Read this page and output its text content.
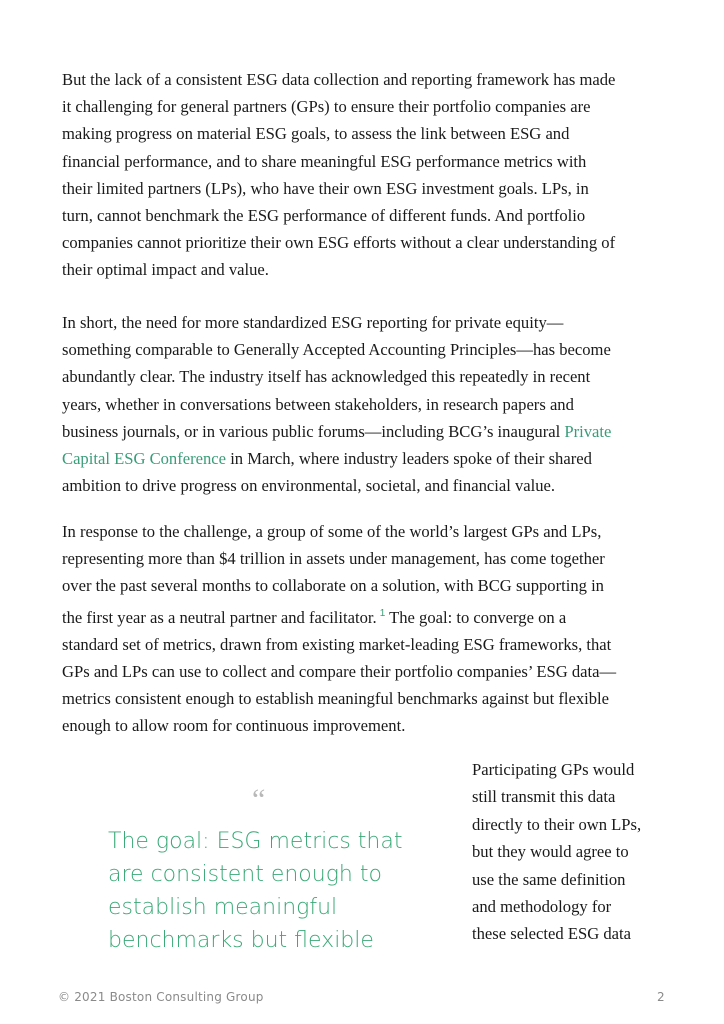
But the lack of a consistent ESG data collection and reporting framework has made
it challenging for general partners (GPs) to ensure their portfolio companies are
making progress on material ESG goals, to assess the link between ESG and
financial performance, and to share meaningful ESG performance metrics with
their limited partners (LPs), who have their own ESG investment goals. LPs, in
turn, cannot benchmark the ESG performance of different funds. And portfolio
companies cannot prioritize their own ESG efforts without a clear understanding of
their optimal impact and value.

In short, the need for more standardized ESG reporting for private equity—
something comparable to Generally Accepted Accounting Principles—has become
abundantly clear. The industry itself has acknowledged this repeatedly in recent
years, whether in conversations between stakeholders, in research papers and
business journals, or in various public forums—including BCG’s inaugural Private
Capital ESG Conference in March, where industry leaders spoke of their shared
ambition to drive progress on environmental, societal, and financial value.

In response to the challenge, a group of some of the world’s largest GPs and LPs,
representing more than $4 trillion in assets under management, has come together
over the past several months to collaborate on a solution, with BCG supporting in
the first year as a neutral partner and facilitator. $^1$ The goal: to converge on a
standard set of metrics, drawn from existing market-leading ESG frameworks, that
GPs and LPs can use to collect and compare their portfolio companies’ ESG data—
metrics consistent enough to establish meaningful benchmarks against but flexible
enough to allow room for continuous improvement.

“

The goal: ESG metrics that
are consistent enough to
establish meaningful
benchmarks but flexible

Participating GPs would
still transmit this data
directly to their own LPs,
but they would agree to
use the same definition
and methodology for
these selected ESG data

© 2021 Boston Consulting Group	2
